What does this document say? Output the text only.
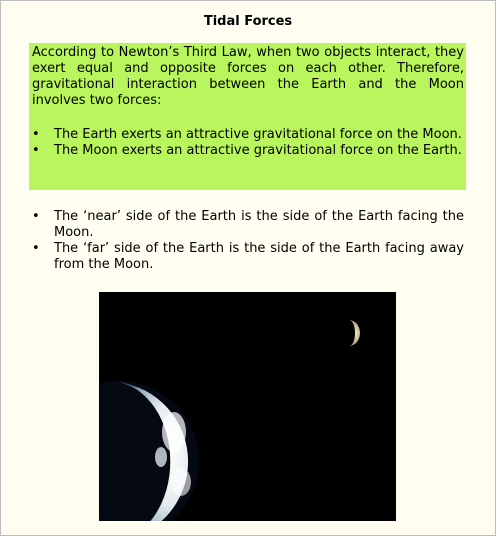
Tidal Forces

According to Newton’s Third Law, when two objects interact, they exert equal and opposite forces on each other. Therefore, gravitational interaction between the Earth and the Moon involves two forces:

• The Earth exerts an attractive gravitational force on the Moon.
• The Moon exerts an attractive gravitational force on the Earth.
• The ‘near’ side of the Earth is the side of the Earth facing the Moon.
• The ‘far’ side of the Earth is the side of the Earth facing away from the Moon.
